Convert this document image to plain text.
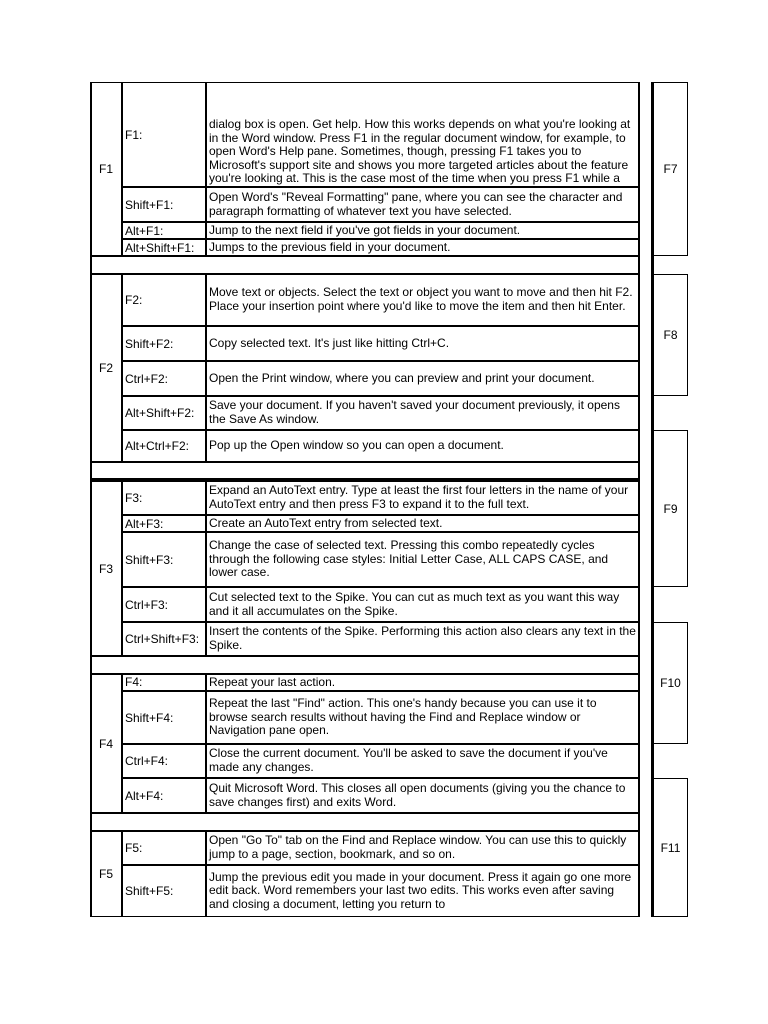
F1
F1:
dialog box is open. Get help. How this works depends on what you're looking at in the Word window. Press F1 in the regular document window, for example, to open Word's Help pane. Sometimes, though, pressing F1 takes you to Microsoft's support site and shows you more targeted articles about the feature you're looking at. This is the case most of the time when you press F1 while a
Shift+F1:
Open Word's "Reveal Formatting" pane, where you can see the character and paragraph formatting of whatever text you have selected.
Alt+F1:	Jump to the next field if you've got fields in your document.
Alt+Shift+F1: Jumps to the previous field in your document.
F2
F2:
Move text or objects. Select the text or object you want to move and then hit F2. Place your insertion point where you'd like to move the item and then hit Enter.
Shift+F2:	Copy selected text. It's just like hitting Ctrl+C.
Ctrl+F2:	Open the Print window, where you can preview and print your document.
Alt+Shift+F2:
Save your document. If you haven't saved your document previously, it opens the Save As window.
Alt+Ctrl+F2: Pop up the Open window so you can open a document.
F3
F3:
Expand an AutoText entry. Type at least the first four letters in the name of your AutoText entry and then press F3 to expand it to the full text.
Alt+F3:	Create an AutoText entry from selected text.
Shift+F3:
Change the case of selected text. Pressing this combo repeatedly cycles through the following case styles: Initial Letter Case, ALL CAPS CASE, and lower case.
Ctrl+F3:
Cut selected text to the Spike. You can cut as much text as you want this way and it all accumulates on the Spike.
Ctrl+Shift+F3:
Insert the contents of the Spike. Performing this action also clears any text in the Spike.
F4
F4:	Repeat your last action.
Shift+F4:
Repeat the last "Find" action. This one's handy because you can use it to browse search results without having the Find and Replace window or Navigation pane open.
Ctrl+F4:
Close the current document. You'll be asked to save the document if you've made any changes.
Alt+F4:
Quit Microsoft Word. This closes all open documents (giving you the chance to save changes first) and exits Word.
F5
F5:
Open "Go To" tab on the Find and Replace window. You can use this to quickly jump to a page, section, bookmark, and so on.
Shift+F5:
Jump the previous edit you made in your document. Press it again go one more edit back. Word remembers your last two edits. This works even after saving and closing a document, letting you return to
F7
F8
F9
F10
F11
